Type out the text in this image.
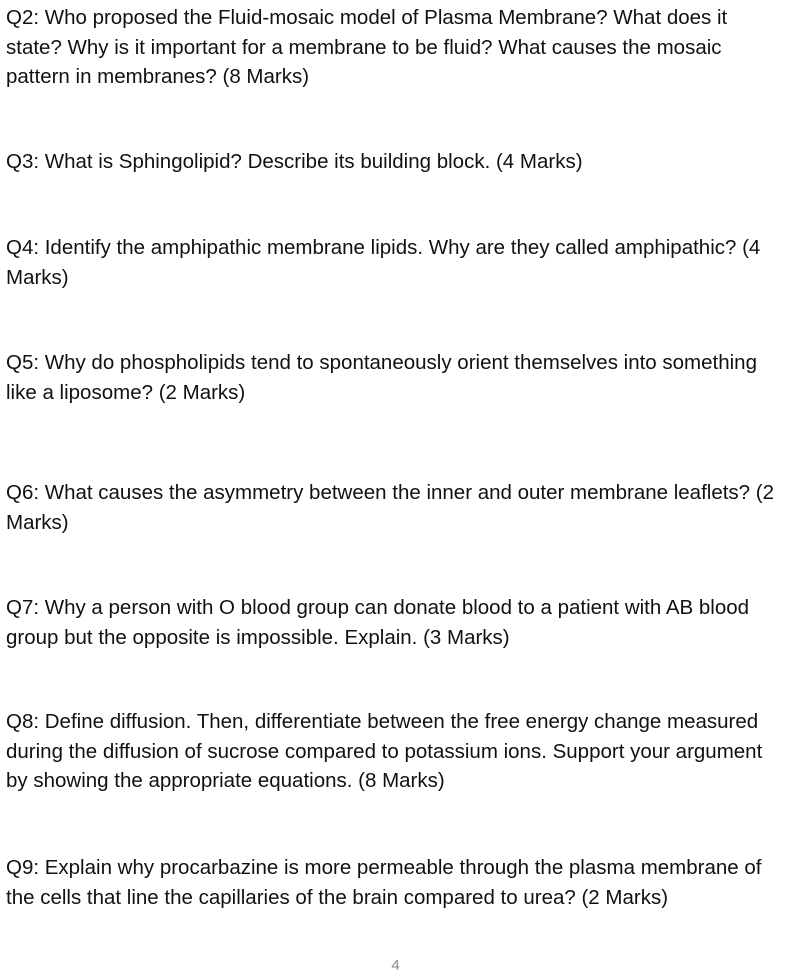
Q2: Who proposed the Fluid-mosaic model of Plasma Membrane? What does it state? Why is it important for a membrane to be fluid? What causes the mosaic pattern in membranes? (8 Marks)

Q3: What is Sphingolipid? Describe its building block. (4 Marks)

Q4: Identify the amphipathic membrane lipids. Why are they called amphipathic? (4 Marks)

Q5: Why do phospholipids tend to spontaneously orient themselves into something like a liposome? (2 Marks)

Q6: What causes the asymmetry between the inner and outer membrane leaflets? (2 Marks)

Q7: Why a person with O blood group can donate blood to a patient with AB blood group but the opposite is impossible. Explain. (3 Marks)

Q8: Define diffusion. Then, differentiate between the free energy change measured during the diffusion of sucrose compared to potassium ions. Support your argument by showing the appropriate equations. (8 Marks)

Q9: Explain why procarbazine is more permeable through the plasma membrane of the cells that line the capillaries of the brain compared to urea? (2 Marks)

4
